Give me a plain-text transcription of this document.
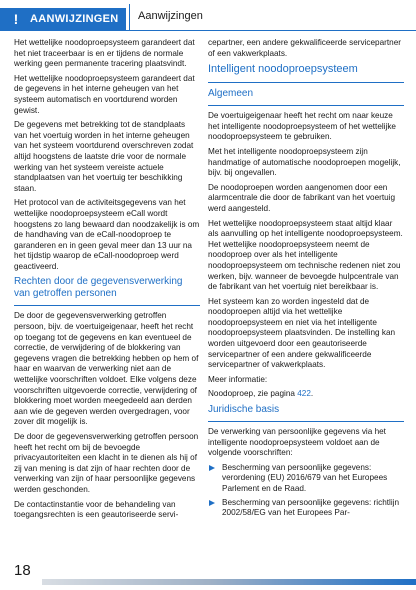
!	AANWIJZINGEN Aanwijzingen

Het wettelijke noodoproepsysteem garandeert dat het niet traceerbaar is en er tijdens de normale werking geen permanente tracering plaatsvindt.

Het wettelijke noodoproepsysteem garandeert dat de gegevens in het interne geheugen van het systeem automatisch en voortdurend worden gewist.

De gegevens met betrekking tot de standplaats van het voertuig worden in het interne geheugen van het systeem voortdurend overschreven zodat altijd hoogstens de laatste drie voor de normale werking van het systeem vereiste actuele standplaatsen van het voertuig ter beschikking staan.

Het protocol van de activiteitsgegevens van het wettelijke noodoproepsysteem eCall wordt hoogstens zo lang bewaard dan noodzakelijk is om de handhaving van de eCall-noodoproep te garanderen en in geen geval meer dan 13 uur na het tijdstip waarop de eCall-noodoproep werd geactiveerd.

Rechten door de gegevensverwerking van getroffen personen

De door de gegevensverwerking getroffen persoon, bijv. de voertuigeigenaar, heeft het recht op toegang tot de gegevens en kan eventueel de correctie, de verwijdering of de blokkering van gegevens vragen die betrekking hebben op hem of haar en waarvan de verwerking niet aan de wettelijke voorschriften voldoet. Elke volgens deze voorschriften uitgevoerde correctie, verwijdering of blokkering moet worden meegedeeld aan derden aan wie de gegeven werden overgedragen, voor zover dit mogelijk is.

De door de gegevensverwerking getroffen persoon heeft het recht om bij de bevoegde privacyautoriteiten een klacht in te dienen als hij of zij van mening is dat zijn of haar rechten door de verwerking van zijn of haar persoonlijke gegevens werden geschonden.

De contactinstantie voor de behandeling van toegangsrechten is een geautoriseerde servi-

cepartner, een andere gekwalificeerde servicepartner of een vakwerkplaats.

Intelligent noodoproepsysteem
Algemeen

De voertuigeigenaar heeft het recht om naar keuze het intelligente noodoproepsysteem of het wettelijke noodoproepsysteem te gebruiken.

Met het intelligente noodoproepsysteem zijn handmatige of automatische noodoproepen mogelijk, bijv. bij ongevallen.

De noodoproepen worden aangenomen door een alarmcentrale die door de fabrikant van het voertuig werd aangesteld.

Het wettelijke noodoproepsysteem staat altijd klaar als aanvulling op het intelligente noodoproepsysteem. Het wettelijke noodoproepsysteem neemt de noodoproep over als het intelligente noodoproepsysteem om technische redenen niet zou werken, bijv. wanneer de bevoegde hulpcentrale van de fabrikant van het voertuig niet bereikbaar is.

Het systeem kan zo worden ingesteld dat de noodoproepen altijd via het wettelijke noodoproepsysteem en niet via het intelligente noodoproepsysteem plaatsvinden. De instelling kan worden uitgevoerd door een geautoriseerde servicepartner of een andere gekwalificeerde servicepartner of vakwerkplaats.

Meer informatie:

Noodoproep, zie pagina 422.

Juridische basis

De verwerking van persoonlijke gegevens via het intelligente noodoproepsysteem voldoet aan de volgende voorschriften:

Bescherming van persoonlijke gegevens: verordening (EU) 2016/679 van het Europees Parlement en de Raad.
Bescherming van persoonlijke gegevens: richtlijn 2002/58/EG van het Europees Par-
18
